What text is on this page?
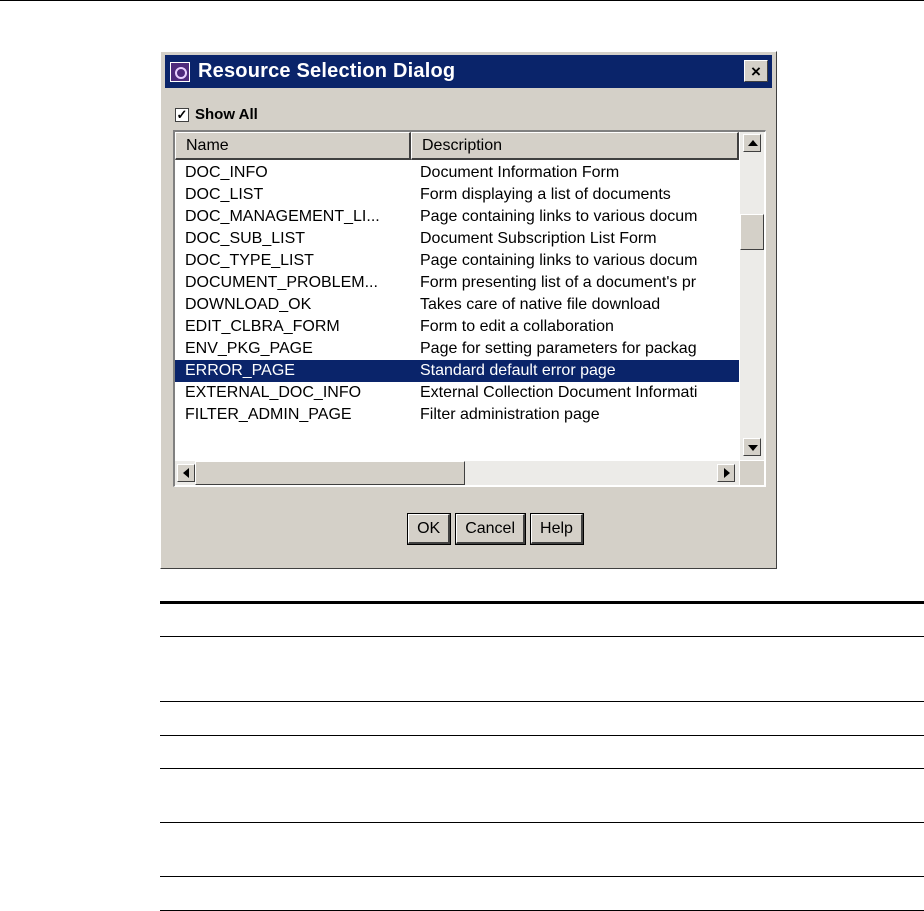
Resource Selection Dialog	×
✓ Show All
Name	Description
DOC_INFO	Document Information Form
DOC_LIST	Form displaying a list of documents
DOC_MANAGEMENT_LI...	Page containing links to various docum
DOC_SUB_LIST	Document Subscription List Form
DOC_TYPE_LIST	Page containing links to various docum
DOCUMENT_PROBLEM...	Form presenting list of a document's pr
DOWNLOAD_OK	Takes care of native file download
EDIT_CLBRA_FORM	Form to edit a collaboration
ENV_PKG_PAGE	Page for setting parameters for packag
ERROR_PAGE	Standard default error page
EXTERNAL_DOC_INFO	External Collection Document Informati
FILTER_ADMIN_PAGE	Filter administration page
OK	Cancel	Help
